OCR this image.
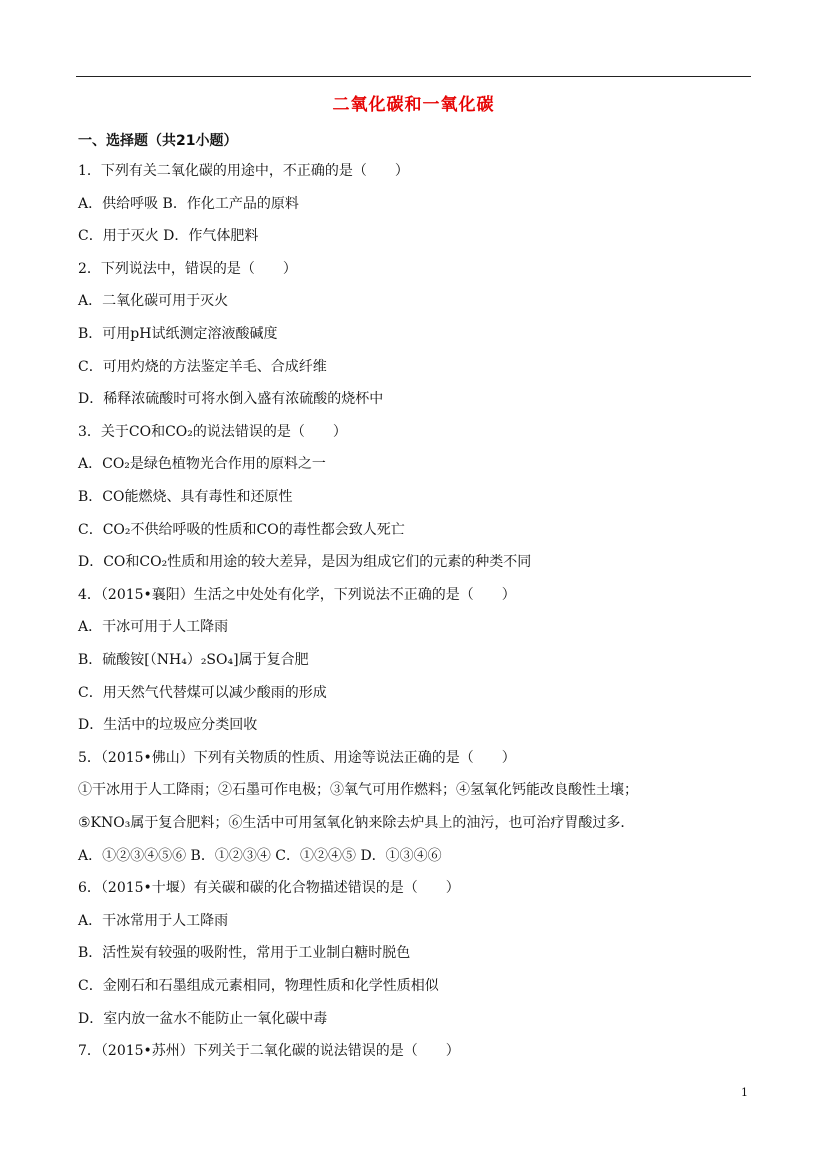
二氧化碳和一氧化碳
一、选择题（共21小题）
1．下列有关二氧化碳的用途中，不正确的是（　　）
A．供给呼吸 B．作化工产品的原料
C．用于灭火 D．作气体肥料
2．下列说法中，错误的是（　　）
A．二氧化碳可用于灭火
B．可用pH试纸测定溶液酸碱度
C．可用灼烧的方法鉴定羊毛、合成纤维
D．稀释浓硫酸时可将水倒入盛有浓硫酸的烧杯中
3．关于CO和CO₂的说法错误的是（　　）
A．CO₂是绿色植物光合作用的原料之一
B．CO能燃烧、具有毒性和还原性
C．CO₂不供给呼吸的性质和CO的毒性都会致人死亡
D．CO和CO₂性质和用途的较大差异，是因为组成它们的元素的种类不同
4．（2015•襄阳）生活之中处处有化学，下列说法不正确的是（　　）
A．干冰可用于人工降雨
B．硫酸铵[（NH₄）₂SO₄]属于复合肥
C．用天然气代替煤可以减少酸雨的形成
D．生活中的垃圾应分类回收
5．（2015•佛山）下列有关物质的性质、用途等说法正确的是（　　）
①干冰用于人工降雨；②石墨可作电极；③氧气可用作燃料；④氢氧化钙能改良酸性土壤；
⑤KNO₃属于复合肥料；⑥生活中可用氢氧化钠来除去炉具上的油污，也可治疗胃酸过多．
A．①②③④⑤⑥ B．①②③④ C．①②④⑤ D．①③④⑥
6．（2015•十堰）有关碳和碳的化合物描述错误的是（　　）
A．干冰常用于人工降雨
B．活性炭有较强的吸附性，常用于工业制白糖时脱色
C．金刚石和石墨组成元素相同，物理性质和化学性质相似
D．室内放一盆水不能防止一氧化碳中毒
7．（2015•苏州）下列关于二氧化碳的说法错误的是（　　）
1
